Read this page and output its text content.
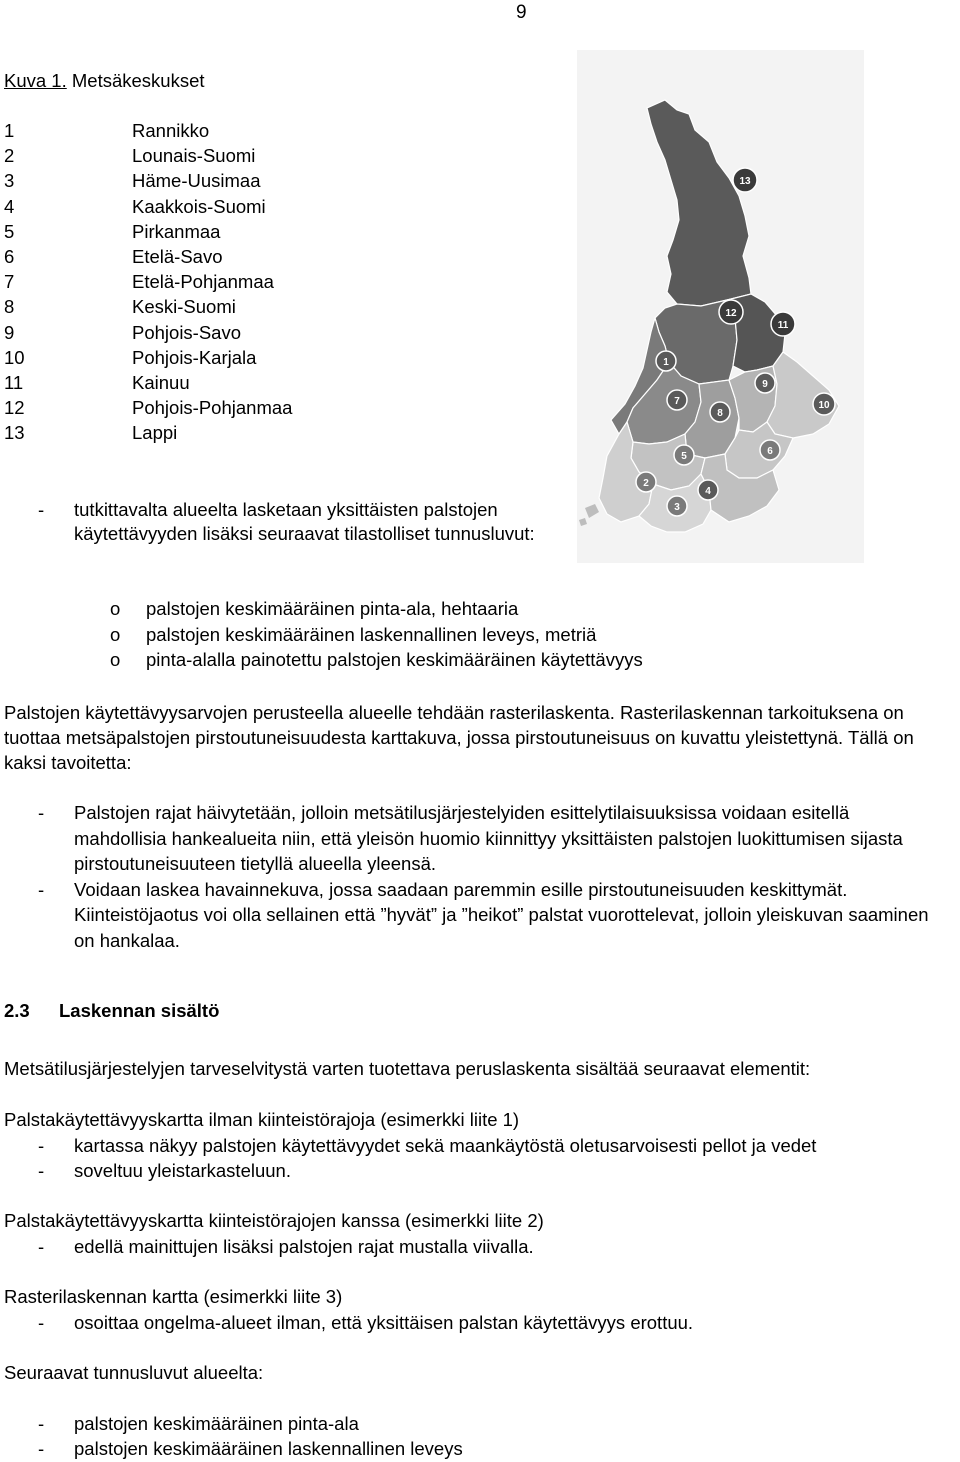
9
Kuva 1. Metsäkeskukset
1	Rannikko
2	Lounais-Suomi
3	Häme-Uusimaa
4	Kaakkois-Suomi
5	Pirkanmaa
6	Etelä-Savo
7	Etelä-Pohjanmaa
8	Keski-Suomi
9	Pohjois-Savo
10	Pohjois-Karjala
11	Kainuu
12	Pohjois-Pohjanmaa
13	Lappi
13
12
11
1
9
7	10
8
6
5
2
4
3
- tutkittavalta alueelta lasketaan yksittäisten palstojen käytettävyyden lisäksi seuraavat tilastolliset tunnusluvut:
o palstojen keskimääräinen pinta-ala, hehtaaria
o palstojen keskimääräinen laskennallinen leveys, metriä
o pinta-alalla painotettu palstojen keskimääräinen käytettävyys
Palstojen käytettävyysarvojen perusteella alueelle tehdään rasterilaskenta. Rasterilaskennan tarkoituksena on tuottaa metsäpalstojen pirstoutuneisuudesta karttakuva, jossa pirstoutuneisuus on kuvattu yleistettynä. Tällä on kaksi tavoitetta:
- Palstojen rajat häivytetään, jolloin metsätilusjärjestelyiden esittelytilaisuuksissa voidaan esitellä mahdollisia hankealueita niin, että yleisön huomio kiinnittyy yksittäisten palstojen luokittumisen sijasta pirstoutuneisuuteen tietyllä alueella yleensä.
- Voidaan laskea havainnekuva, jossa saadaan paremmin esille pirstoutuneisuuden keskittymät. Kiinteistöjaotus voi olla sellainen että ”hyvät” ja ”heikot” palstat vuorottelevat, jolloin yleiskuvan saaminen on hankalaa.
2.3 Laskennan sisältö
Metsätilusjärjestelyjen tarveselvitystä varten tuotettava peruslaskenta sisältää seuraavat elementit:
Palstakäytettävyyskartta ilman kiinteistörajoja (esimerkki liite 1)
- kartassa näkyy palstojen käytettävyydet sekä maankäytöstä oletusarvoisesti pellot ja vedet
- soveltuu yleistarkasteluun.
Palstakäytettävyyskartta kiinteistörajojen kanssa (esimerkki liite 2)
- edellä mainittujen lisäksi palstojen rajat mustalla viivalla.
Rasterilaskennan kartta (esimerkki liite 3)
- osoittaa ongelma-alueet ilman, että yksittäisen palstan käytettävyys erottuu.
Seuraavat tunnusluvut alueelta:
- palstojen keskimääräinen pinta-ala
- palstojen keskimääräinen laskennallinen leveys
